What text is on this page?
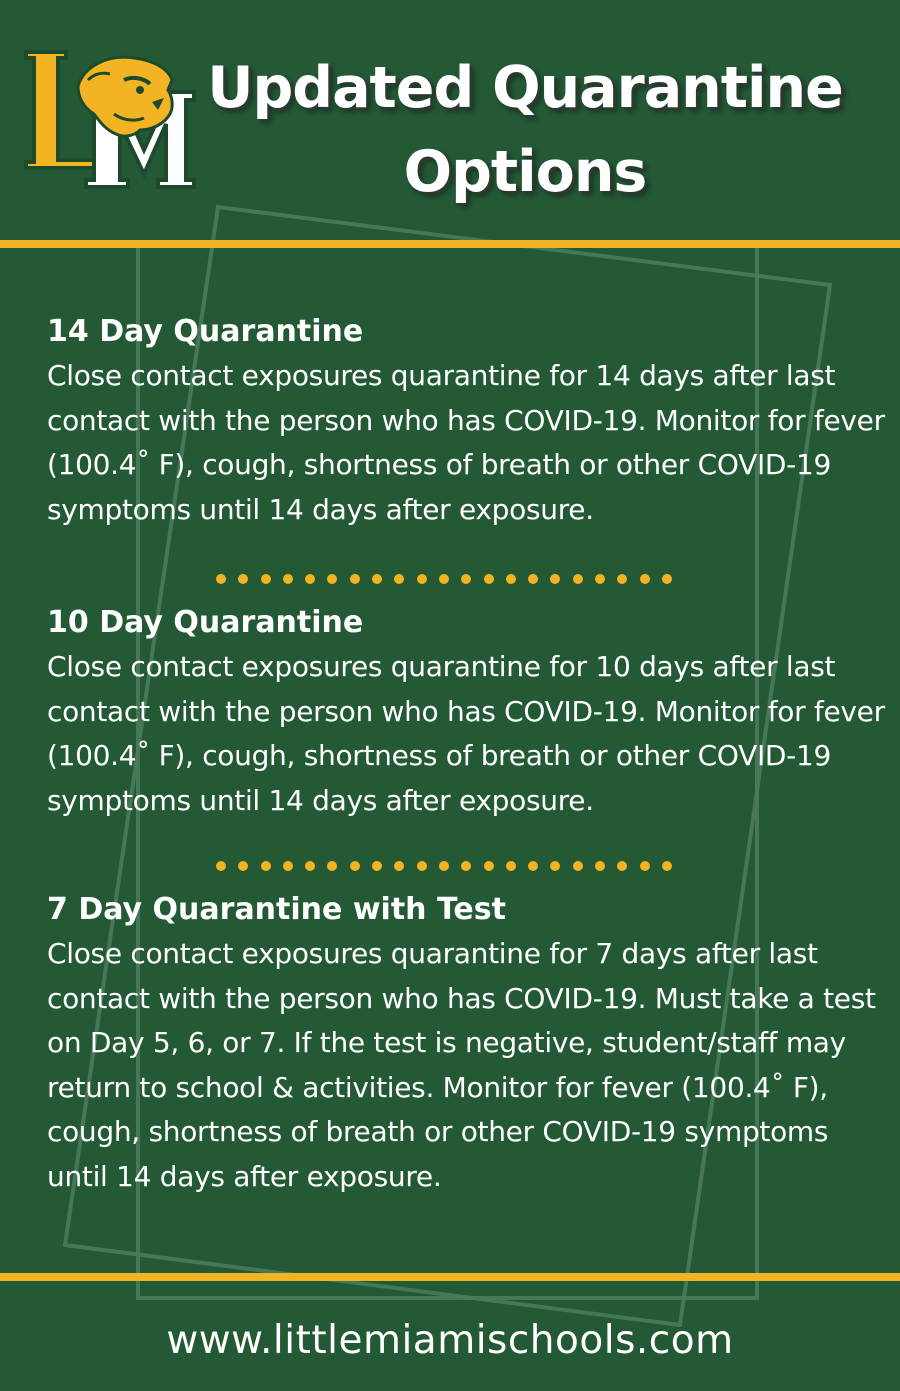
Updated Quarantine
Options
14 Day Quarantine

Close contact exposures quarantine for 14 days after last contact with the person who has COVID-19. Monitor for fever (100.4˚ F), cough, shortness of breath or other COVID-19 symptoms until 14 days after exposure.

10 Day Quarantine

Close contact exposures quarantine for 10 days after last contact with the person who has COVID-19. Monitor for fever (100.4˚ F), cough, shortness of breath or other COVID-19 symptoms until 14 days after exposure.

7 Day Quarantine with Test

Close contact exposures quarantine for 7 days after last contact with the person who has COVID-19. Must take a test on Day 5, 6, or 7. If the test is negative, student/staff may return to school & activities. Monitor for fever (100.4˚ F), cough, shortness of breath or other COVID-19 symptoms until 14 days after exposure.

www.littlemiamischools.com
